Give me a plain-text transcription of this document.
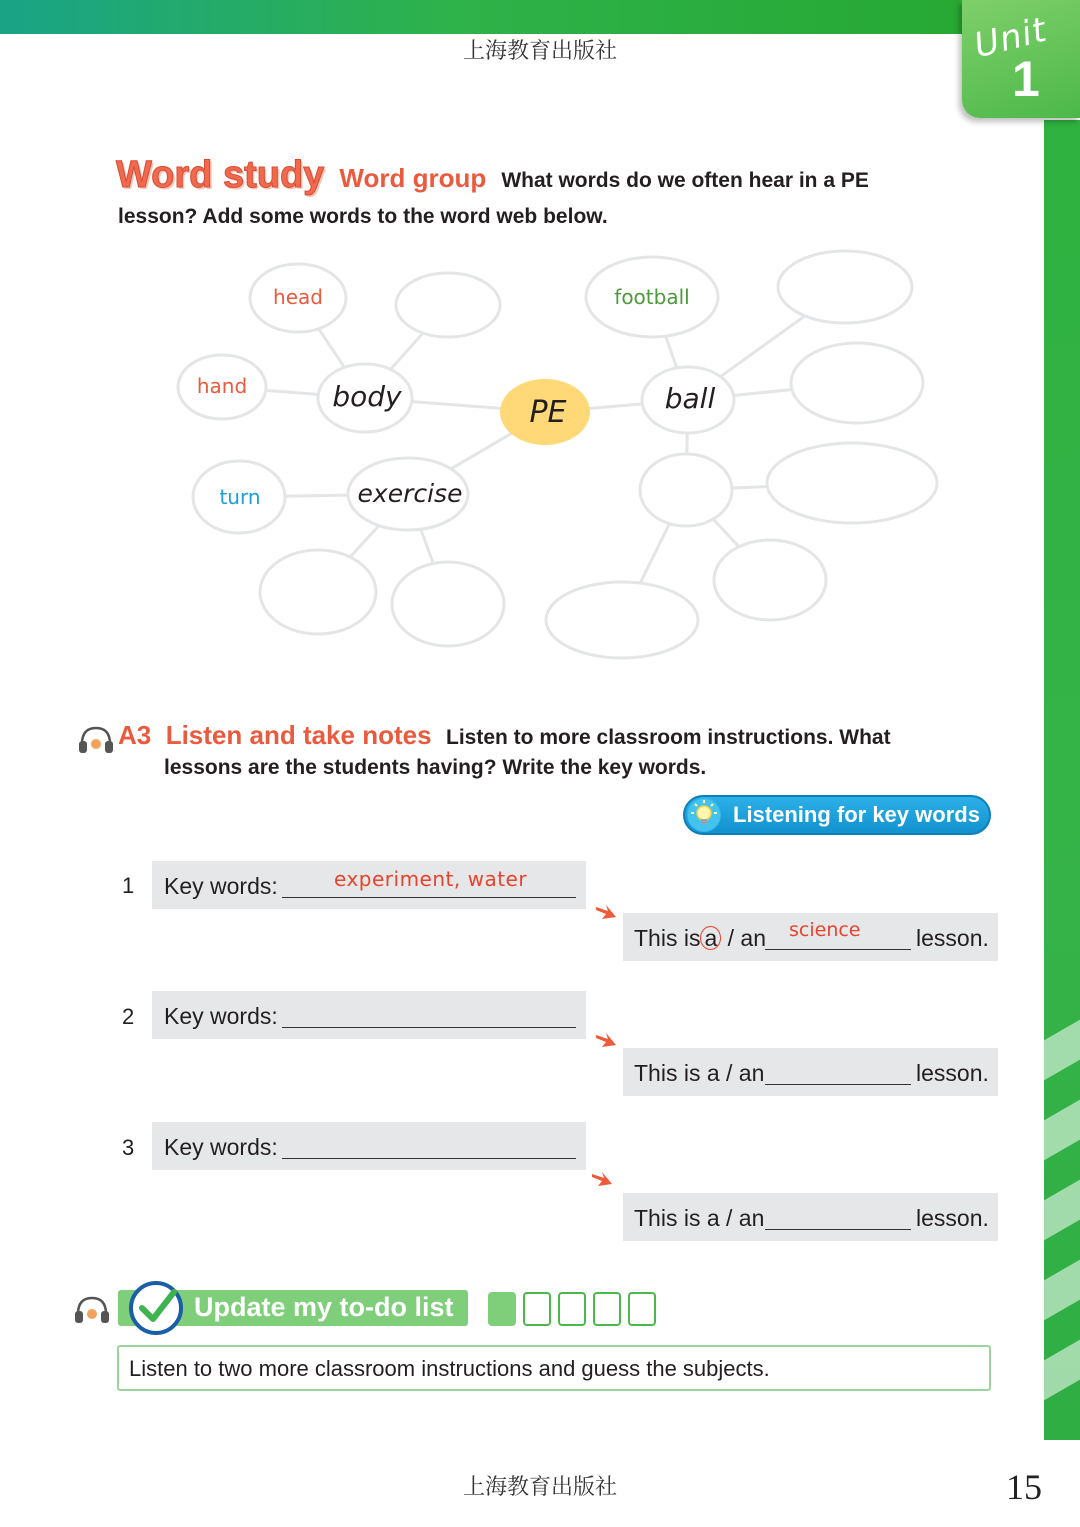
Unit
1
上海教育出版社
Word study Word group What words do we often hear in a PE
lesson? Add some words to the word web below.
PE
body	ball
exercise
head
hand
turn
football
A3 Listen and take notes Listen to more classroom instructions. What
lessons are the students having? Write the key words.
Listening for key words
1 Key words:	experiment, water
This is a / an science lesson.
2 Key words:
This is a / an	lesson.
3 Key words:
This is a / an	lesson.
Update my to-do list
Listen to two more classroom instructions and guess the subjects.
上海教育出版社	15
